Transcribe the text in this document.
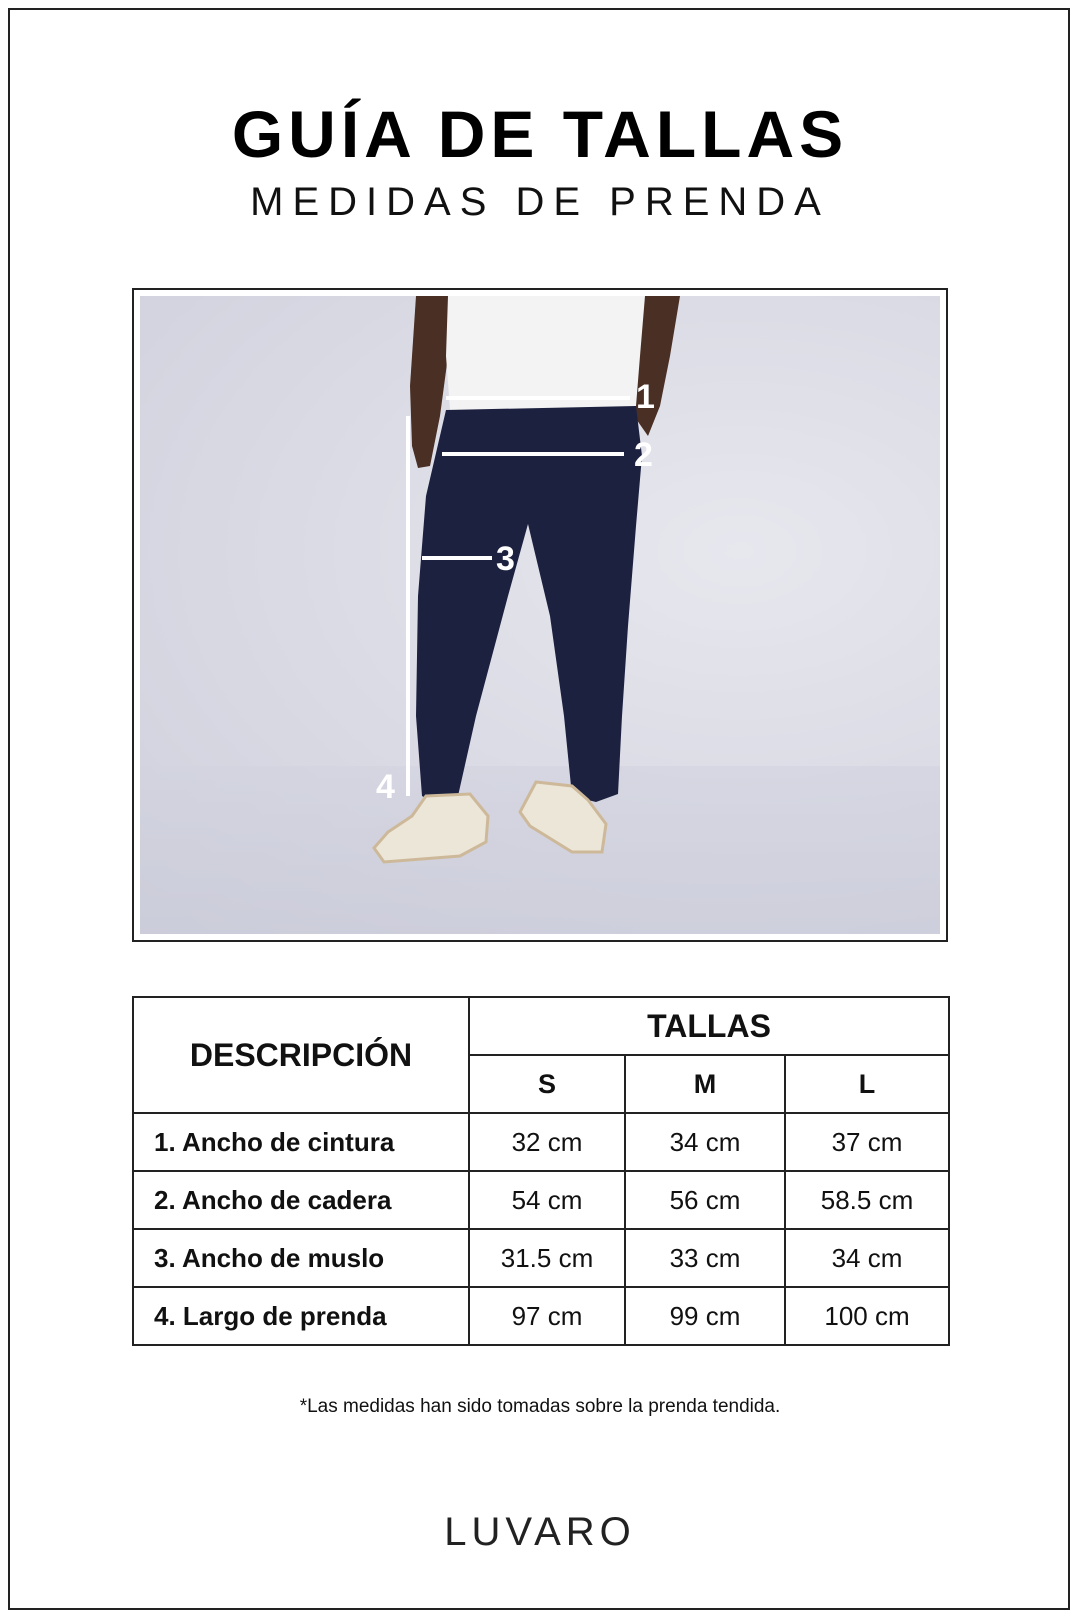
GUÍA DE TALLAS
MEDIDAS DE PRENDA
1
2
3
4
DESCRIPCIÓN	TALLAS		
	S	M	L
1. Ancho de cintura	32 cm	34 cm	37 cm
2. Ancho de cadera	54 cm	56 cm	58.5 cm
3. Ancho de muslo	31.5 cm	33 cm	34 cm
4. Largo de prenda	97 cm	99 cm	100 cm
*Las medidas han sido tomadas sobre la prenda tendida.
LUVARO
